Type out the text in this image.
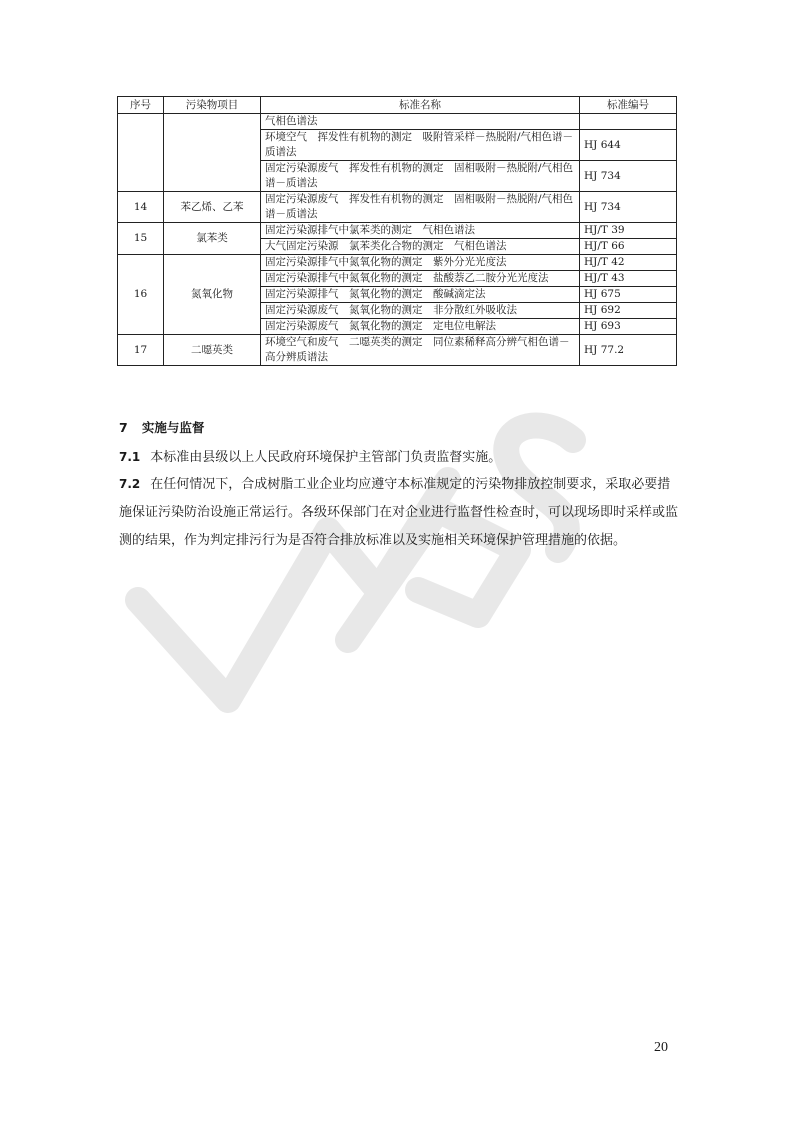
序号	污染物项目	标准名称	标准编号
		气相色谱法	
		环境空气　挥发性有机物的测定　吸附管采样－热脱附/气相色谱－质谱法	HJ 644
		固定污染源废气　挥发性有机物的测定　固相吸附－热脱附/气相色谱－质谱法	HJ 734
14	苯乙烯、乙苯	固定污染源废气　挥发性有机物的测定　固相吸附－热脱附/气相色谱－质谱法	HJ 734
15	氯苯类	固定污染源排气中氯苯类的测定　气相色谱法	HJ/T 39
		大气固定污染源　氯苯类化合物的测定　气相色谱法	HJ/T 66
16	氮氧化物	固定污染源排气中氮氧化物的测定　紫外分光光度法	HJ/T 42
		固定污染源排气中氮氧化物的测定　盐酸萘乙二胺分光光度法	HJ/T 43
		固定污染源排气　氮氧化物的测定　酸碱滴定法	HJ 675
		固定污染源废气　氮氧化物的测定　非分散红外吸收法	HJ 692
		固定污染源废气　氮氧化物的测定　定电位电解法	HJ 693
17	二噁英类	环境空气和废气　二噁英类的测定　同位素稀释高分辨气相色谱－高分辨质谱法	HJ 77.2
7 实施与监督
7.1 本标准由县级以上人民政府环境保护主管部门负责监督实施。
7.2 在任何情况下，合成树脂工业企业均应遵守本标准规定的污染物排放控制要求，采取必要措施保证污染防治设施正常运行。各级环保部门在对企业进行监督性检查时，可以现场即时采样或监测的结果，作为判定排污行为是否符合排放标准以及实施相关环境保护管理措施的依据。
20
